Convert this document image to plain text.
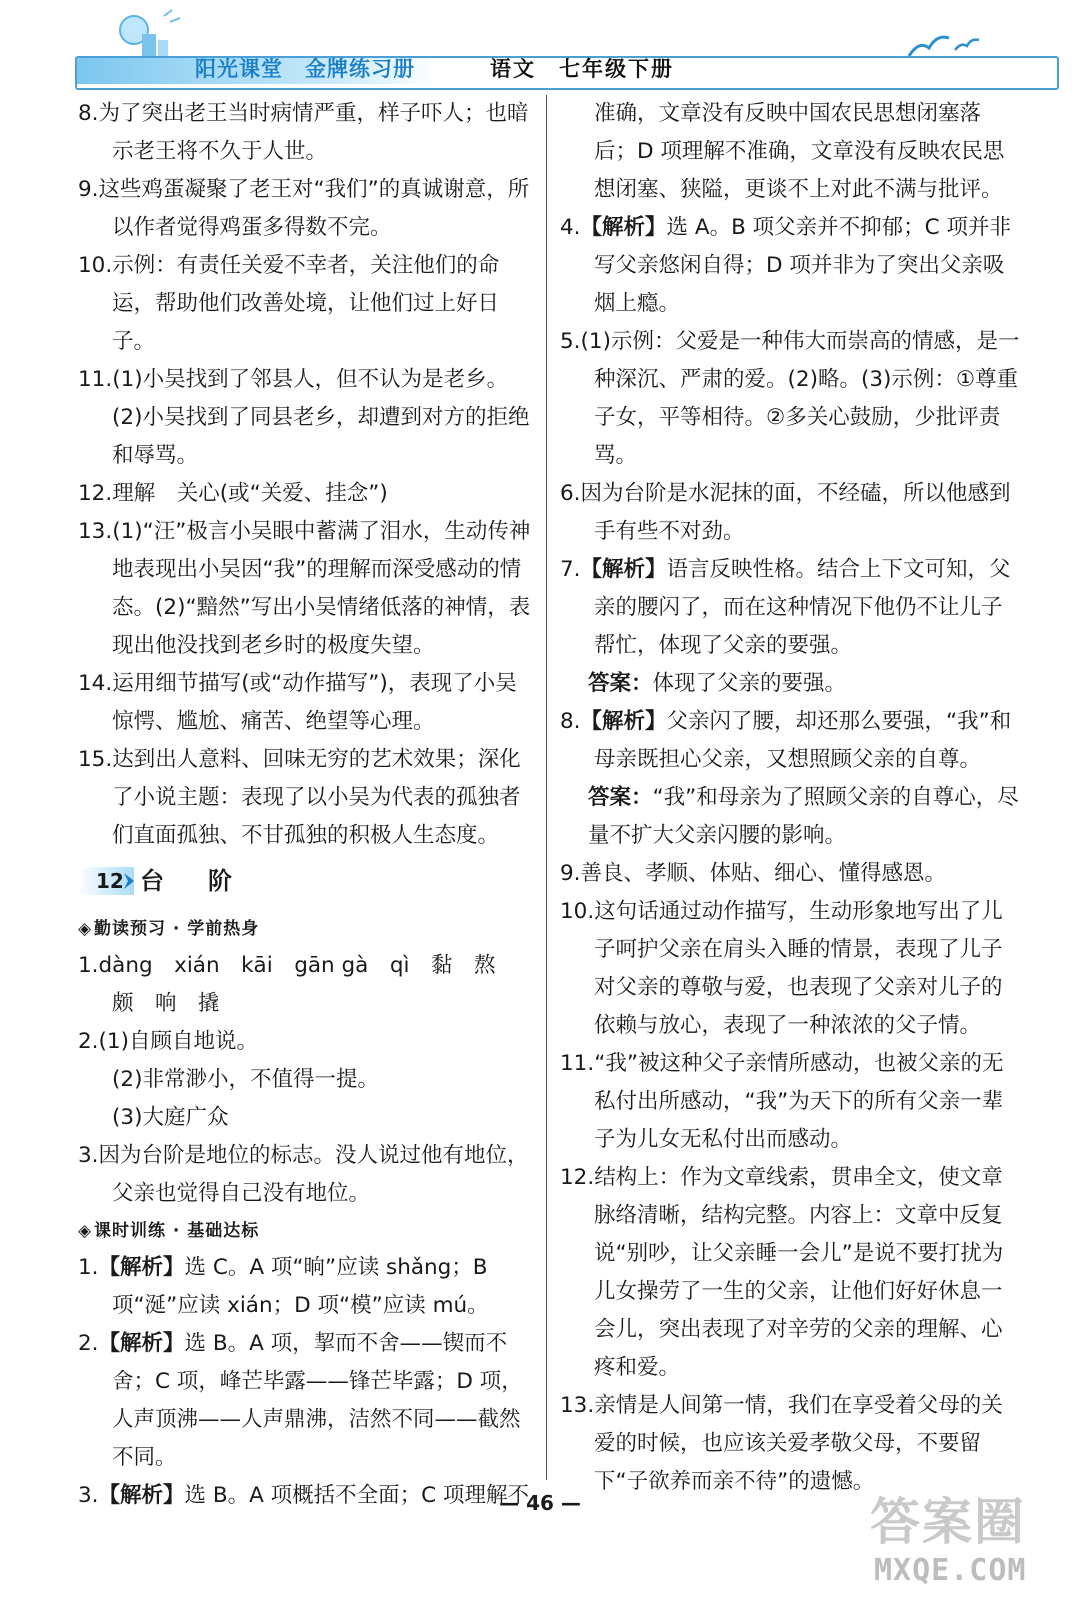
阳光课堂　 金牌练习册	语文　 七年级下册

8.为了突出老王当时病情严重，样子吓人；也暗示老王将不久于人世。

9.这些鸡蛋凝聚了老王对“我们”的真诚谢意，所以作者觉得鸡蛋多得数不完。

10.示例：有责任关爱不幸者，关注他们的命运，帮助他们改善处境，让他们过上好日子。

11.(1)小吴找到了邻县人，但不认为是老乡。

(2)小吴找到了同县老乡，却遭到对方的拒绝和辱骂。

12.理解　关心(或“关爱、挂念”)

13.(1)“汪”极言小吴眼中蓄满了泪水，生动传神地表现出小吴因“我”的理解而深受感动的情态。(2)“黯然”写出小吴情绪低落的神情，表现出他没找到老乡时的极度失望。

14.运用细节描写(或“动作描写”)，表现了小吴惊愕、尴尬、痛苦、绝望等心理。

15.达到出人意料、回味无穷的艺术效果；深化了小说主题：表现了以小吴为代表的孤独者们直面孤独、不甘孤独的积极人生态度。

12 台　阶

◈ 勤读预习 · 学前热身

1.dàng　xián　kāi　gān gà　qì　黏　熬

颇　响　撬

2.(1)自顾自地说。

(2)非常渺小，不值得一提。

(3)大庭广众

3.因为台阶是地位的标志。没人说过他有地位，父亲也觉得自己没有地位。

◈ 课时训练 · 基础达标

1.【解析】选 C。A 项“晌”应读 shǎng；B 项“涎”应读 xián；D 项“模”应读 mú。

2.【解析】选 B。A 项，挈而不舍——锲而不舍；C 项，峰芒毕露——锋芒毕露；D 项，人声顶沸——人声鼎沸，洁然不同——截然不同。

3.【解析】选 B。A 项概括不全面；C 项理解不

准确，文章没有反映中国农民思想闭塞落后；D 项理解不准确，文章没有反映农民思想闭塞、狭隘，更谈不上对此不满与批评。

4.【解析】选 A。B 项父亲并不抑郁；C 项并非写父亲悠闲自得；D 项并非为了突出父亲吸烟上瘾。

5.(1)示例：父爱是一种伟大而崇高的情感，是一种深沉、严肃的爱。(2)略。(3)示例：①尊重子女，平等相待。②多关心鼓励，少批评责骂。

6.因为台阶是水泥抹的面，不经磕，所以他感到手有些不对劲。

7.【解析】语言反映性格。结合上下文可知，父亲的腰闪了，而在这种情况下他仍不让儿子帮忙，体现了父亲的要强。

答案：体现了父亲的要强。

8.【解析】父亲闪了腰，却还那么要强，“我”和母亲既担心父亲，又想照顾父亲的自尊。

答案：“我”和母亲为了照顾父亲的自尊心，尽量不扩大父亲闪腰的影响。

9.善良、孝顺、体贴、细心、懂得感恩。

10.这句话通过动作描写，生动形象地写出了儿子呵护父亲在肩头入睡的情景，表现了儿子对父亲的尊敬与爱，也表现了父亲对儿子的依赖与放心，表现了一种浓浓的父子情。

11.“我”被这种父子亲情所感动，也被父亲的无私付出所感动，“我”为天下的所有父亲一辈子为儿女无私付出而感动。

12.结构上：作为文章线索，贯串全文，使文章脉络清晰，结构完整。内容上：文章中反复说“别吵，让父亲睡一会儿”是说不要打扰为儿女操劳了一生的父亲，让他们好好休息一会儿，突出表现了对辛劳的父亲的理解、心疼和爱。

13.亲情是人间第一情，我们在享受着父母的关爱的时候，也应该关爱孝敬父母，不要留下“子欲养而亲不待”的遗憾。

— 46 —	答案圈
MXQE.COM
